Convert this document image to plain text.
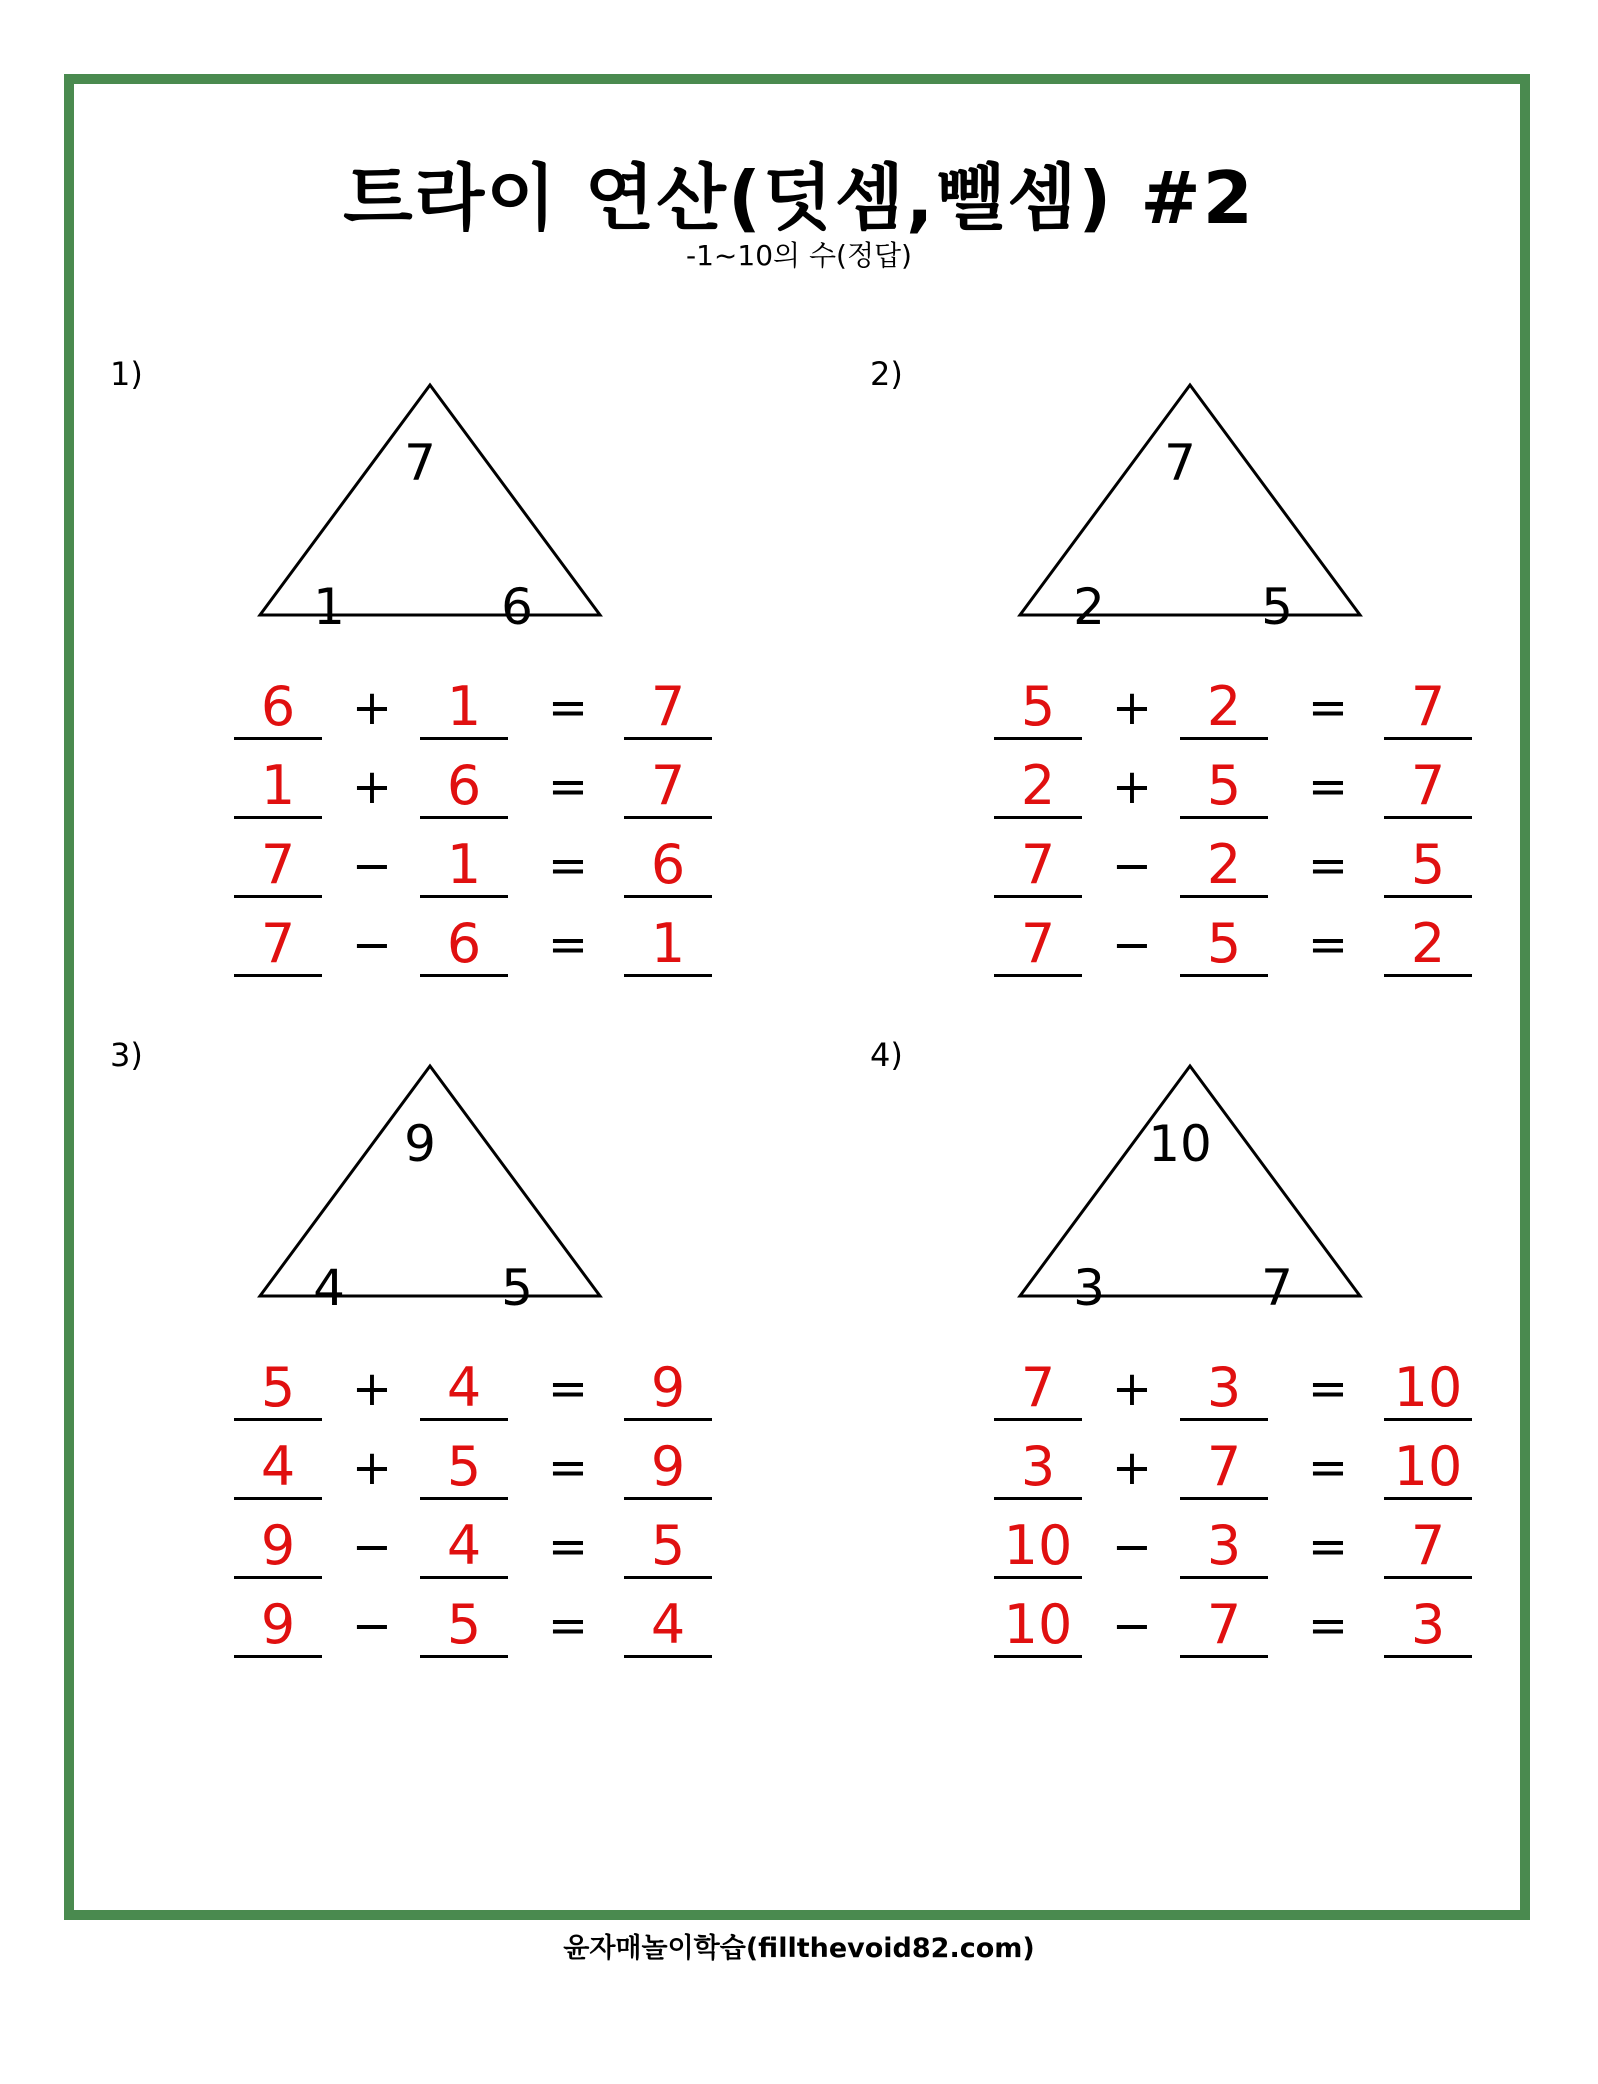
트라이 연산(덧셈,뺄셈) #2
-1~10의 수(정답)
1)
7
1	6
6	+	1	=	7
1	+	6	=	7
7	−	1	=	6
7	−	6	=	1
2)
7
2	5
5	+	2	=	7
2	+	5	=	7
7	−	2	=	5
7	−	5	=	2
3)
9
4	5
5	+	4	=	9
4	+	5	=	9
9	−	4	=	5
9	−	5	=	4
4)
10
3	7
7	+	3	= 10
3	+	7	= 10
10 −	3	=	7
10 −	7	=	3
윤자매놀이학습(fillthevoid82.com)
